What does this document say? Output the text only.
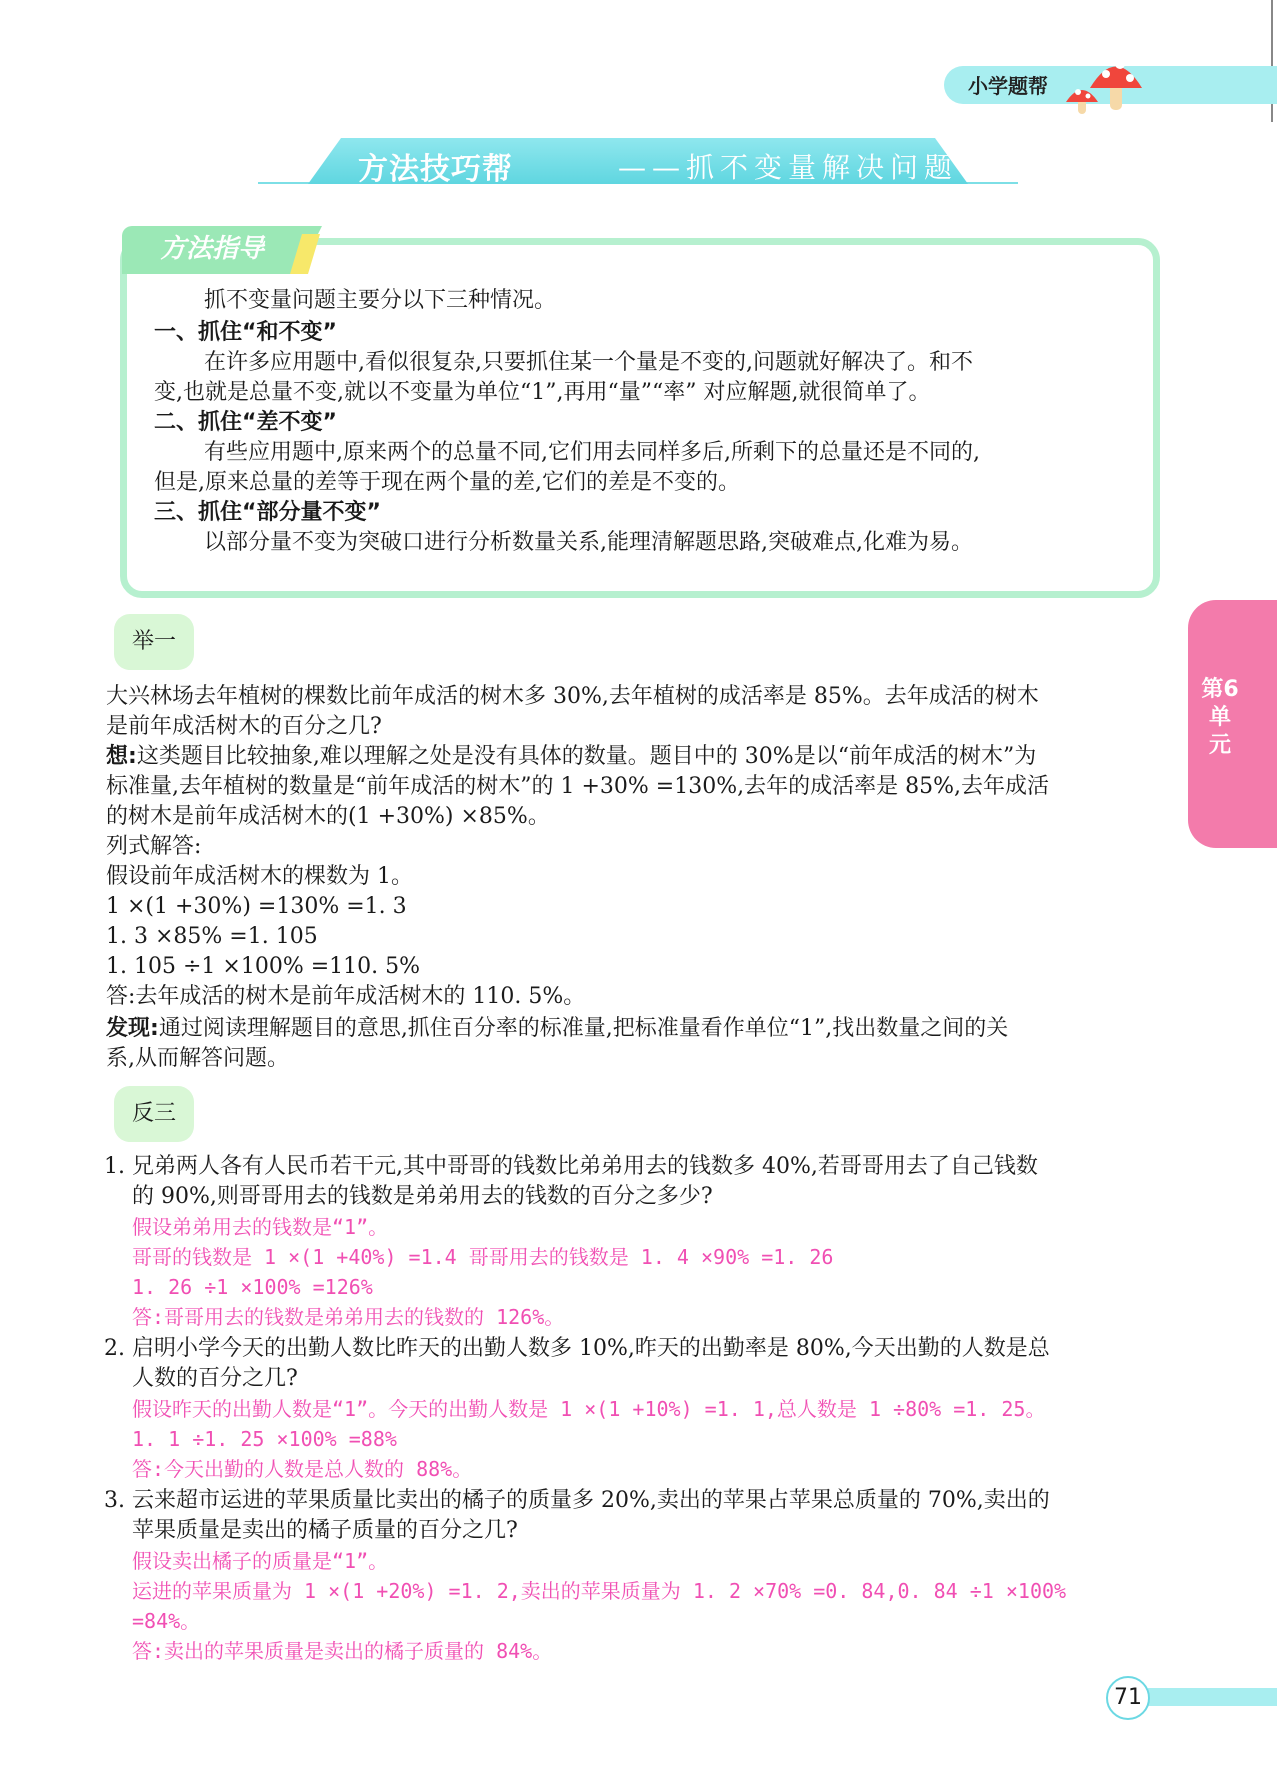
小学题帮
方法技巧帮	——抓不变量解决问题
方法指导
抓不变量问题主要分以下三种情况。
一、抓住“和不变”
在许多应用题中,看似很复杂,只要抓住某一个量是不变的,问题就好解决了。和不
变,也就是总量不变,就以不变量为单位“1”,再用“量”“率” 对应解题,就很简单了。
二、抓住“差不变”
有些应用题中,原来两个的总量不同,它们用去同样多后,所剩下的总量还是不同的,
但是,原来总量的差等于现在两个量的差,它们的差是不变的。
三、抓住“部分量不变”
以部分量不变为突破口进行分析数量关系,能理清解题思路,突破难点,化难为易。
第6单元
举一
大兴林场去年植树的棵数比前年成活的树木多 30%,去年植树的成活率是 85%。去年成活的树木
是前年成活树木的百分之几?
想:这类题目比较抽象,难以理解之处是没有具体的数量。题目中的 30%是以“前年成活的树木”为
标准量,去年植树的数量是“前年成活的树木”的 1 +30% =130%,去年的成活率是 85%,去年成活
的树木是前年成活树木的(1 +30%) ×85%。
列式解答:
假设前年成活树木的棵数为 1。
1 ×(1 +30%) =130% =1. 3
1. 3 ×85% =1. 105
1. 105 ÷1 ×100% =110. 5%
答:去年成活的树木是前年成活树木的 110. 5%。
发现:通过阅读理解题目的意思,抓住百分率的标准量,把标准量看作单位“1”,找出数量之间的关
系,从而解答问题。
反三
1. 兄弟两人各有人民币若干元,其中哥哥的钱数比弟弟用去的钱数多 40%,若哥哥用去了自己钱数
的 90%,则哥哥用去的钱数是弟弟用去的钱数的百分之多少?
假设弟弟用去的钱数是“1”。
哥哥的钱数是 1 ×(1 +40%) =1.4 哥哥用去的钱数是 1. 4 ×90% =1. 26
1. 26 ÷1 ×100% =126%
答:哥哥用去的钱数是弟弟用去的钱数的 126%。
2. 启明小学今天的出勤人数比昨天的出勤人数多 10%,昨天的出勤率是 80%,今天出勤的人数是总
人数的百分之几?
假设昨天的出勤人数是“1”。今天的出勤人数是 1 ×(1 +10%) =1. 1,总人数是 1 ÷80% =1. 25。
1. 1 ÷1. 25 ×100% =88%
答:今天出勤的人数是总人数的 88%。
3. 云来超市运进的苹果质量比卖出的橘子的质量多 20%,卖出的苹果占苹果总质量的 70%,卖出的
苹果质量是卖出的橘子质量的百分之几?
假设卖出橘子的质量是“1”。
运进的苹果质量为 1 ×(1 +20%) =1. 2,卖出的苹果质量为 1. 2 ×70% =0. 84,0. 84 ÷1 ×100%
=84%。
答:卖出的苹果质量是卖出的橘子质量的 84%。
71
